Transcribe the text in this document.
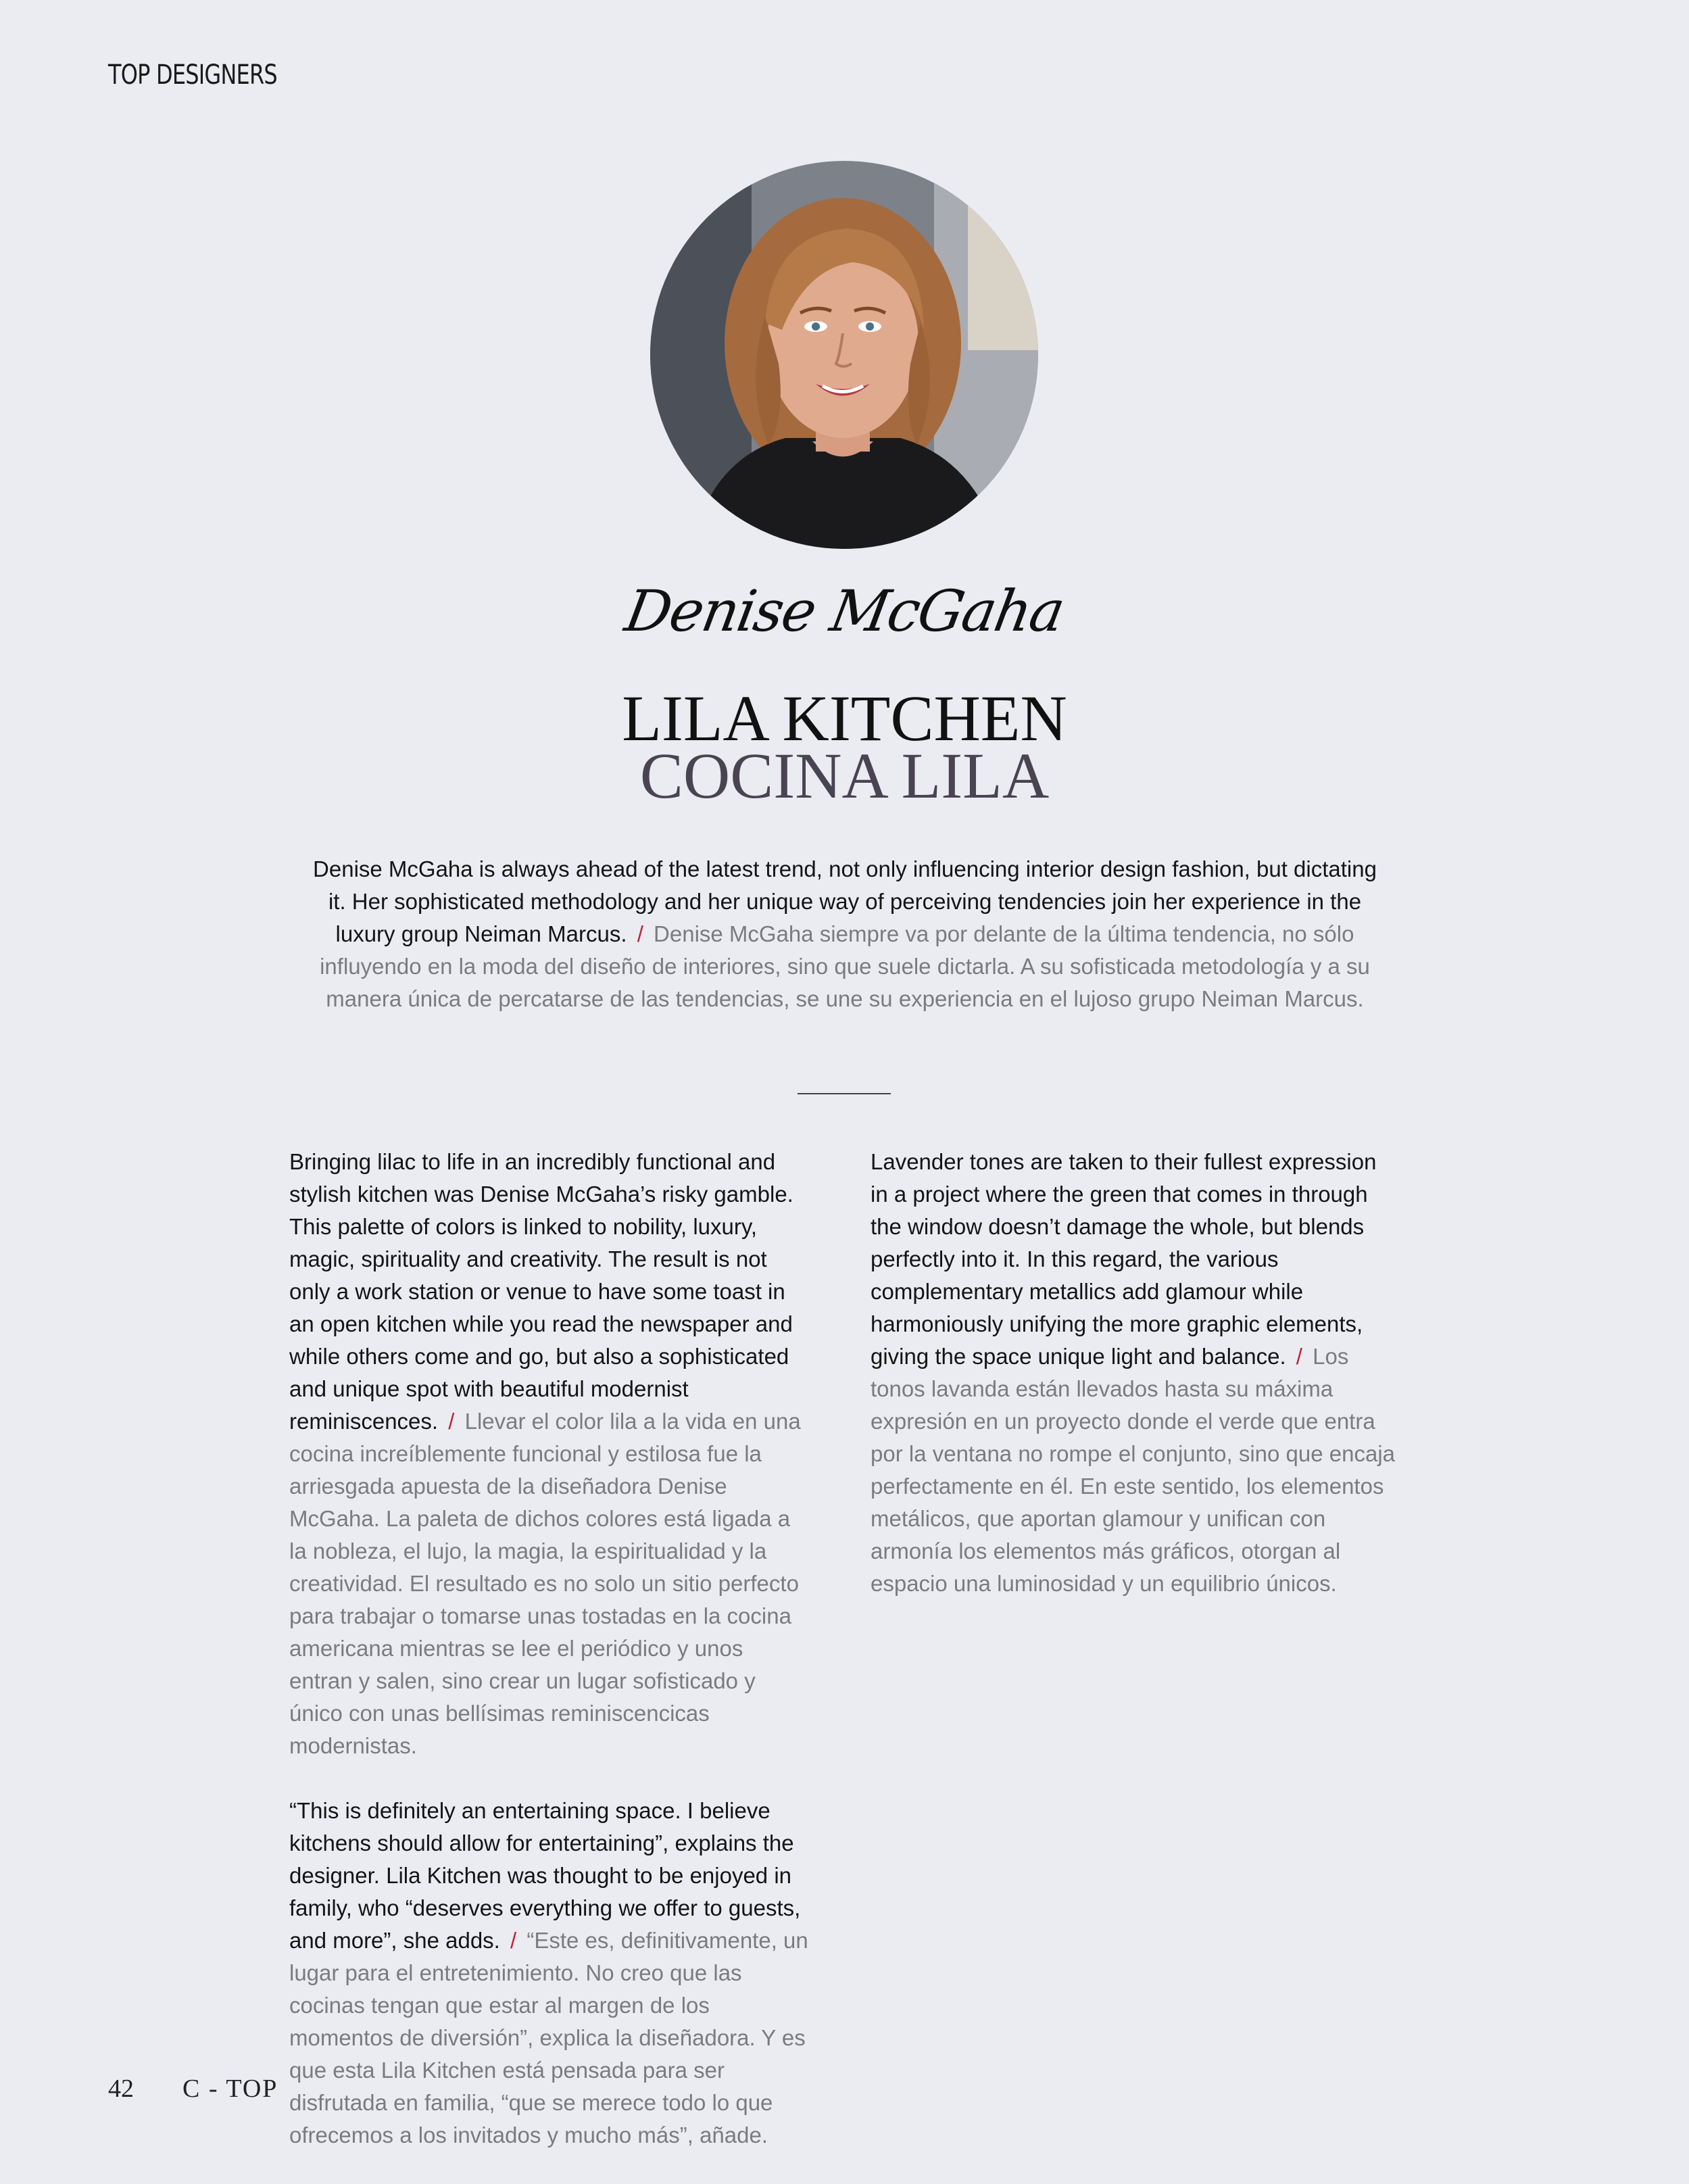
TOP DESIGNERS
Denise McGaha
LILA KITCHEN
COCINA LILA
Denise McGaha is always ahead of the latest trend, not only influencing interior design fashion, but dictating it. Her sophisticated methodology and her unique way of perceiving tendencies join her experience in the luxury group Neiman Marcus. / Denise McGaha siempre va por delante de la última tendencia, no sólo influyendo en la moda del diseño de interiores, sino que suele dictarla. A su sofisticada metodología y a su manera única de percatarse de las tendencias, se une su experiencia en el lujoso grupo Neiman Marcus.

Bringing lilac to life in an incredibly functional and stylish kitchen was Denise McGaha’s risky gamble. This palette of colors is linked to nobility, luxury, magic, spirituality and creativity. The result is not only a work station or venue to have some toast in an open kitchen while you read the newspaper and while others come and go, but also a sophisticated and unique spot with beautiful modernist reminiscences. / Llevar el color lila a la vida en una cocina increíblemente funcional y estilosa fue la arriesgada apuesta de la diseñadora Denise McGaha. La paleta de dichos colores está ligada a la nobleza, el lujo, la magia, la espiritualidad y la creatividad. El resultado es no solo un sitio perfecto para trabajar o tomarse unas tostadas en la cocina americana mientras se lee el periódico y unos entran y salen, sino crear un lugar sofisticado y único con unas bellísimas reminiscencicas modernistas.

“This is definitely an entertaining space. I believe kitchens should allow for entertaining”, explains the designer. Lila Kitchen was thought to be enjoyed in family, who “deserves everything we offer to guests, and more”, she adds. / “Este es, definitivamente, un lugar para el entretenimiento. No creo que las cocinas tengan que estar al margen de los momentos de diversión”, explica la diseñadora. Y es que esta Lila Kitchen está pensada para ser disfrutada en familia, “que se merece todo lo que ofrecemos a los invitados y mucho más”, añade.

Lavender tones are taken to their fullest expression in a project where the green that comes in through the window doesn’t damage the whole, but blends perfectly into it. In this regard, the various complementary metallics add glamour while harmoniously unifying the more graphic elements, giving the space unique light and balance. / Los tonos lavanda están llevados hasta su máxima expresión en un proyecto donde el verde que entra por la ventana no rompe el conjunto, sino que encaja perfectamente en él. En este sentido, los elementos metálicos, que aportan glamour y unifican con armonía los elementos más gráficos, otorgan al espacio una luminosidad y un equilibrio únicos.

42 C - TOP
